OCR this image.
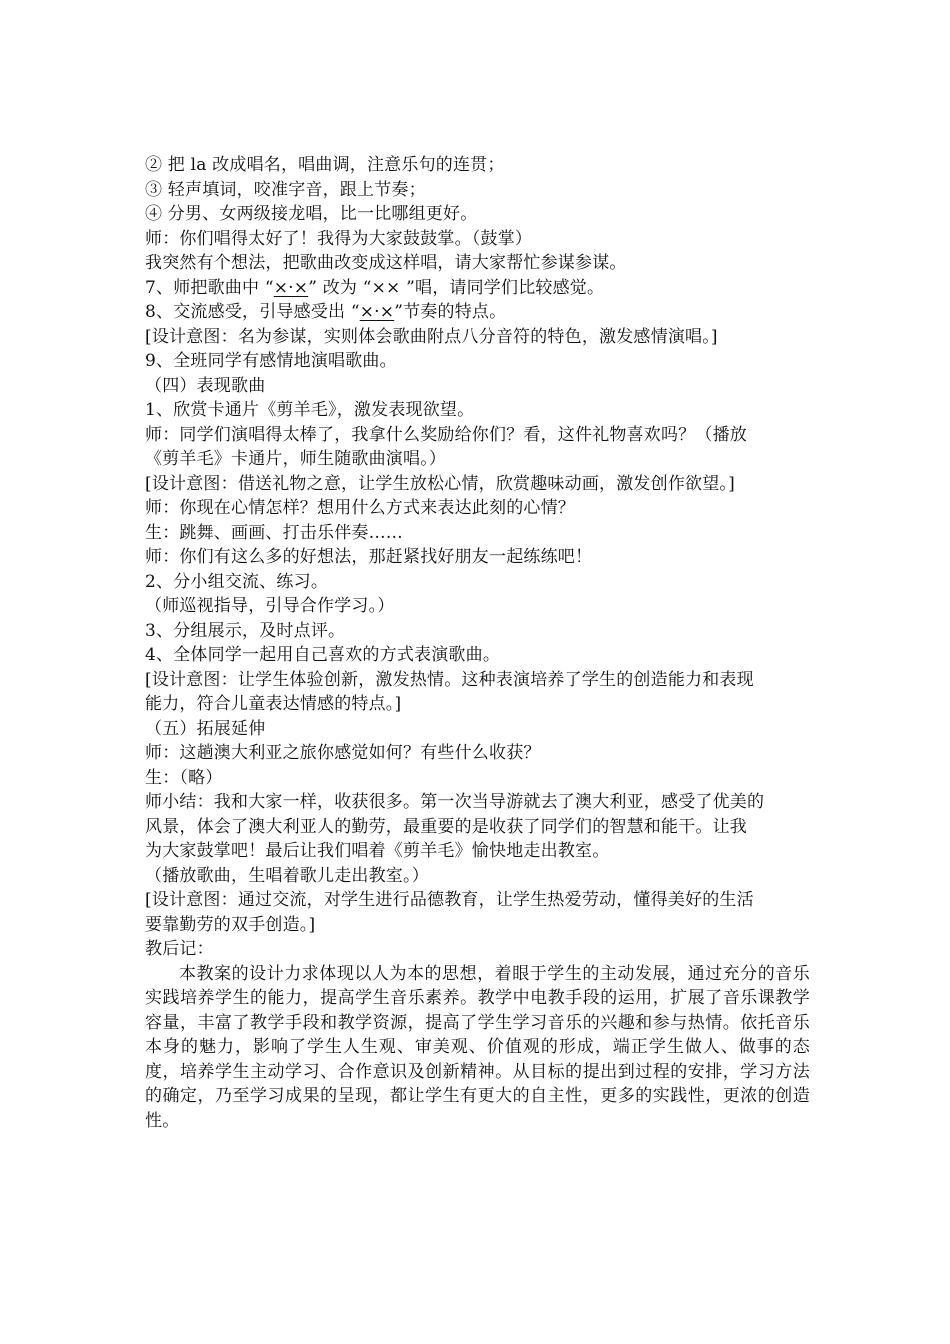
② 把 la 改成唱名，唱曲调，注意乐句的连贯；
③ 轻声填词，咬准字音，跟上节奏；
④ 分男、女两级接龙唱，比一比哪组更好。
师：你们唱得太好了！我得为大家鼓鼓掌。（鼓掌）
我突然有个想法，把歌曲改变成这样唱，请大家帮忙参谋参谋。
7、师把歌曲中 “×·×” 改为 “×× ”唱，请同学们比较感觉。
8、交流感受，引导感受出 “×·×”节奏的特点。
[设计意图：名为参谋，实则体会歌曲附点八分音符的特色，激发感情演唱。]
9、全班同学有感情地演唱歌曲。
（四）表现歌曲
1、欣赏卡通片《剪羊毛》，激发表现欲望。
师：同学们演唱得太棒了，我拿什么奖励给你们？看，这件礼物喜欢吗？（播放
《剪羊毛》卡通片，师生随歌曲演唱。）
[设计意图：借送礼物之意，让学生放松心情，欣赏趣味动画，激发创作欲望。]
师：你现在心情怎样？想用什么方式来表达此刻的心情？
生：跳舞、画画、打击乐伴奏……
师：你们有这么多的好想法，那赶紧找好朋友一起练练吧！
2、分小组交流、练习。
（师巡视指导，引导合作学习。）
3、分组展示，及时点评。
4、全体同学一起用自己喜欢的方式表演歌曲。
[设计意图：让学生体验创新，激发热情。这种表演培养了学生的创造能力和表现
能力，符合儿童表达情感的特点。]
（五）拓展延伸
师：这趟澳大利亚之旅你感觉如何？有些什么收获？
生：（略）
师小结：我和大家一样，收获很多。第一次当导游就去了澳大利亚，感受了优美的
风景，体会了澳大利亚人的勤劳，最重要的是收获了同学们的智慧和能干。让我
为大家鼓掌吧！最后让我们唱着《剪羊毛》愉快地走出教室。
（播放歌曲，生唱着歌儿走出教室。）
[设计意图：通过交流，对学生进行品德教育，让学生热爱劳动，懂得美好的生活
要靠勤劳的双手创造。]
教后记：
本教案的设计力求体现以人为本的思想，着眼于学生的主动发展，通过充分的音乐实践培养学生的能力，提高学生音乐素养。教学中电教手段的运用，扩展了音乐课教学容量，丰富了教学手段和教学资源，提高了学生学习音乐的兴趣和参与热情。依托音乐本身的魅力，影响了学生人生观、审美观、价值观的形成，端正学生做人、做事的态度，培养学生主动学习、合作意识及创新精神。从目标的提出到过程的安排，学习方法的确定，乃至学习成果的呈现，都让学生有更大的自主性，更多的实践性，更浓的创造性。
